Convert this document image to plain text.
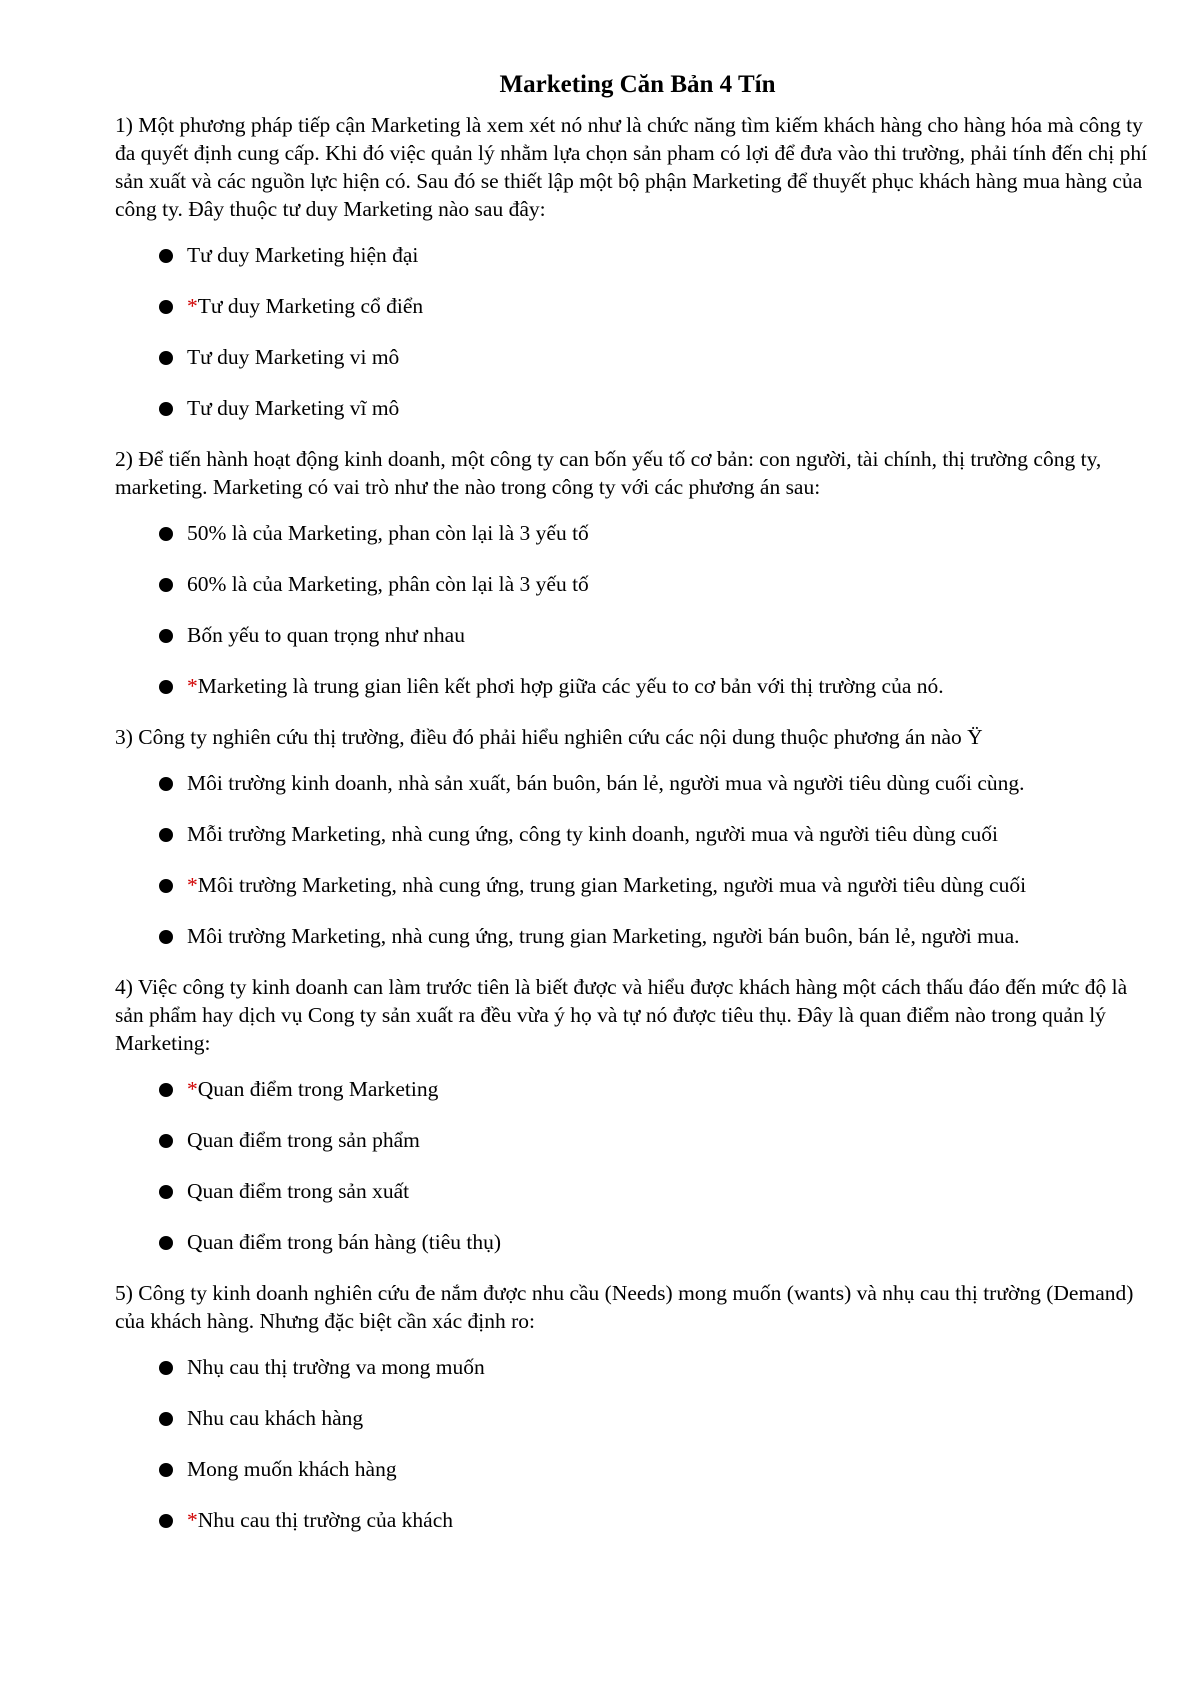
Marketing Căn Bản 4 Tín

1) Một phương pháp tiếp cận Marketing là xem xét nó như là chức năng tìm kiếm khách hàng cho hàng hóa mà công ty đa quyết định cung cấp. Khi đó việc quản lý nhằm lựa chọn sản pham có lợi để đưa vào thi trường, phải tính đến chị phí sản xuất và các nguồn lực hiện có. Sau đó se thiết lập một bộ phận Marketing để thuyết phục khách hàng mua hàng của công ty. Đây thuộc tư duy Marketing nào sau đây:

Tư duy Marketing hiện đại
*Tư duy Marketing cổ điển
Tư duy Marketing vi mô
Tư duy Marketing vĩ mô

2) Để tiến hành hoạt động kinh doanh, một công ty can bốn yếu tố cơ bản: con người, tài chính, thị trường công ty, marketing. Marketing có vai trò như the nào trong công ty với các phương án sau:

50% là của Marketing, phan còn lại là 3 yếu tố
60% là của Marketing, phân còn lại là 3 yếu tố
Bốn yếu to quan trọng như nhau
*Marketing là trung gian liên kết phơi hợp giữa các yếu to cơ bản với thị trường của nó.

3) Công ty nghiên cứu thị trường, điều đó phải hiểu nghiên cứu các nội dung thuộc phương án nào Ÿ

Môi trường kinh doanh, nhà sản xuất, bán buôn, bán lẻ, người mua và người tiêu dùng cuối cùng.
Mỗi trường Marketing, nhà cung ứng, công ty kinh doanh, người mua và người tiêu dùng cuối
*Môi trường Marketing, nhà cung ứng, trung gian Marketing, người mua và người tiêu dùng cuối
Môi trường Marketing, nhà cung ứng, trung gian Marketing, người bán buôn, bán lẻ, người mua.

4) Việc công ty kinh doanh can làm trước tiên là biết được và hiểu được khách hàng một cách thấu đáo đến mức độ là sản phẩm hay dịch vụ Cong ty sản xuất ra đều vừa ý họ và tự nó được tiêu thụ. Đây là quan điểm nào trong quản lý Marketing:

*Quan điểm trong Marketing
Quan điểm trong sản phẩm
Quan điểm trong sản xuất
Quan điểm trong bán hàng (tiêu thụ)

5) Công ty kinh doanh nghiên cứu đe nắm được nhu cầu (Needs) mong muốn (wants) và nhụ cau thị trường (Demand) của khách hàng. Nhưng đặc biệt cần xác định ro:

Nhụ cau thị trường va mong muốn
Nhu cau khách hàng
Mong muốn khách hàng
*Nhu cau thị trường của khách
